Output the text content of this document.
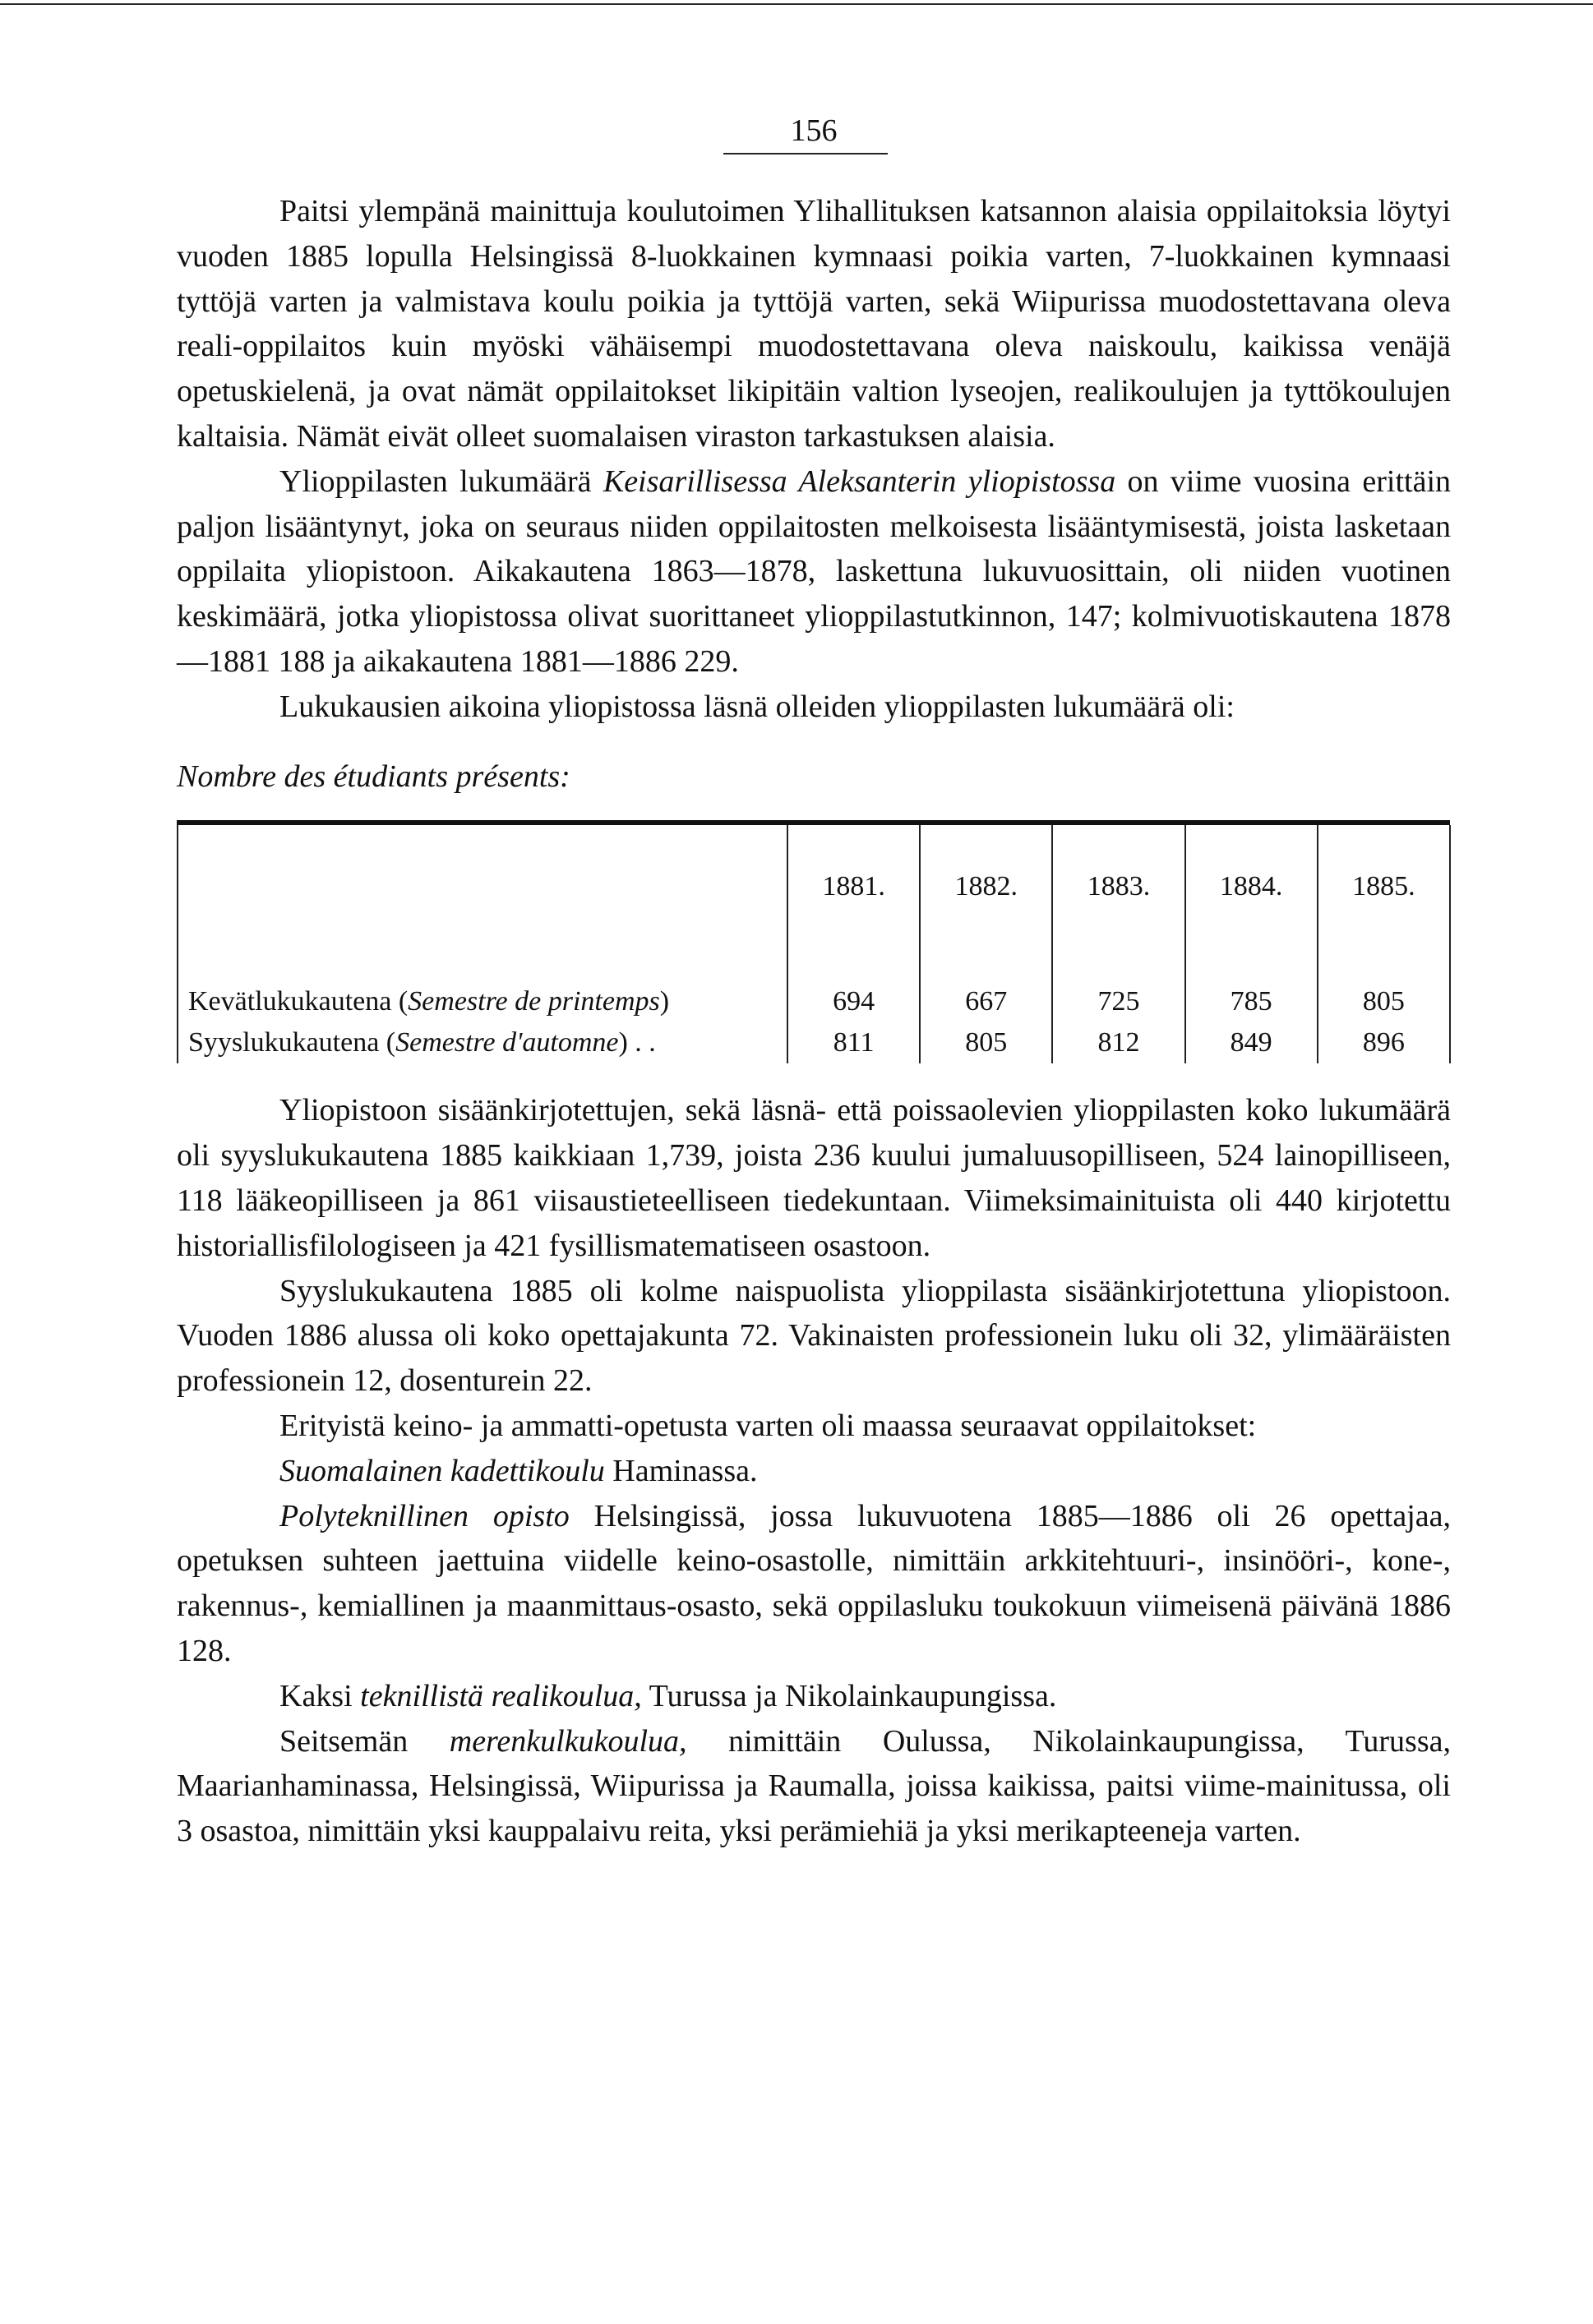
156

Paitsi ylempänä mainittuja koulutoimen Ylihallituksen katsannon alaisia oppilaitoksia löytyi vuoden 1885 lopulla Helsingissä 8-luokkainen kymnaasi poikia varten, 7-luokkainen kymnaasi tyttöjä varten ja valmistava koulu poikia ja tyttöjä varten, sekä Wiipurissa muodostettavana oleva reali-oppilaitos kuin myöski vähäisempi muodostettavana oleva naiskoulu, kaikissa venäjä opetuskielenä, ja ovat nämät oppilaitokset likipitäin valtion lyseojen, realikoulujen ja tyttökoulujen kaltaisia. Nämät eivät olleet suomalaisen viraston tarkastuksen alaisia.

Ylioppilasten lukumäärä Keisarillisessa Aleksanterin yliopistossa on viime vuosina erittäin paljon lisääntynyt, joka on seuraus niiden oppilaitosten melkoisesta lisääntymisestä, joista lasketaan oppilaita yliopistoon. Aikakautena 1863—1878, laskettuna lukuvuosittain, oli niiden vuotinen keskimäärä, jotka yliopistossa olivat suorittaneet ylioppilastutkinnon, 147; kolmivuotiskautena 1878—1881 188 ja aikakautena 1881—1886 229.

Lukukausien aikoina yliopistossa läsnä olleiden ylioppilasten lukumäärä oli:

Nombre des étudiants présents:

	1881.	1882.	1883.	1884.	1885.

Kevätlukukautena (Semestre de printemps)	694	667	725	785	805
Syyslukukautena (Semestre d'automne) . .	811	805	812	849	896

Yliopistoon sisäänkirjotettujen, sekä läsnä- että poissaolevien ylioppilasten koko lukumäärä oli syyslukukautena 1885 kaikkiaan 1,739, joista 236 kuului jumaluusopilliseen, 524 lainopilliseen, 118 lääkeopilliseen ja 861 viisaustieteelliseen tiedekuntaan. Viimeksimainituista oli 440 kirjotettu historiallisfilologiseen ja 421 fysillismatematiseen osastoon.

Syyslukukautena 1885 oli kolme naispuolista ylioppilasta sisäänkirjotettuna yliopistoon. Vuoden 1886 alussa oli koko opettajakunta 72. Vakinaisten professionein luku oli 32, ylimääräisten professionein 12, dosenturein 22.

Erityistä keino- ja ammatti-opetusta varten oli maassa seuraavat oppilaitokset:

Suomalainen kadettikoulu Haminassa.

Polyteknillinen opisto Helsingissä, jossa lukuvuotena 1885—1886 oli 26 opettajaa, opetuksen suhteen jaettuina viidelle keino-osastolle, nimittäin arkkitehtuuri-, insinööri-, kone-, rakennus-, kemiallinen ja maanmittaus-osasto, sekä oppilasluku toukokuun viimeisenä päivänä 1886 128.

Kaksi teknillistä realikoulua, Turussa ja Nikolainkaupungissa.

Seitsemän merenkulkukoulua, nimittäin Oulussa, Nikolainkaupungissa, Turussa, Maarianhaminassa, Helsingissä, Wiipurissa ja Raumalla, joissa kaikissa, paitsi viime-mainitussa, oli 3 osastoa, nimittäin yksi kauppalaivu reita, yksi perämiehiä ja yksi merikapteeneja varten.
